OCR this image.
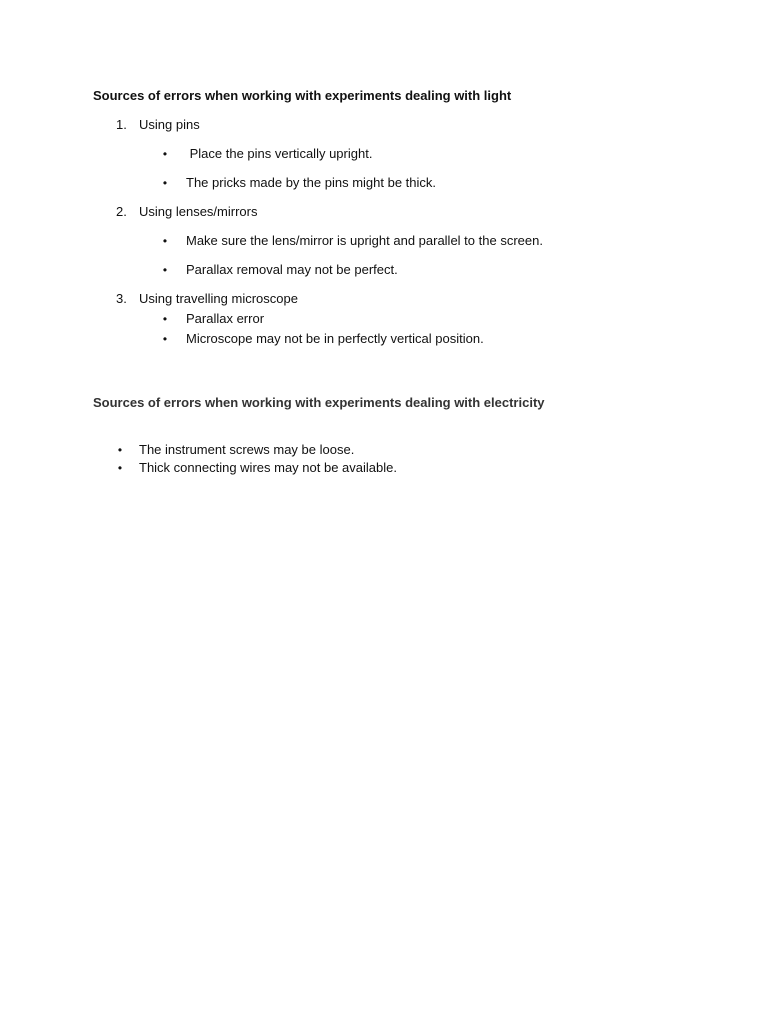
Sources of errors when working with experiments dealing with light
1. Using pins
• Place the pins vertically upright.
• The pricks made by the pins might be thick.
2. Using lenses/mirrors
• Make sure the lens/mirror is upright and parallel to the screen.
• Parallax removal may not be perfect.
3. Using travelling microscope
• Parallax error
• Microscope may not be in perfectly vertical position.
Sources of errors when working with experiments dealing with electricity
• The instrument screws may be loose.
• Thick connecting wires may not be available.
